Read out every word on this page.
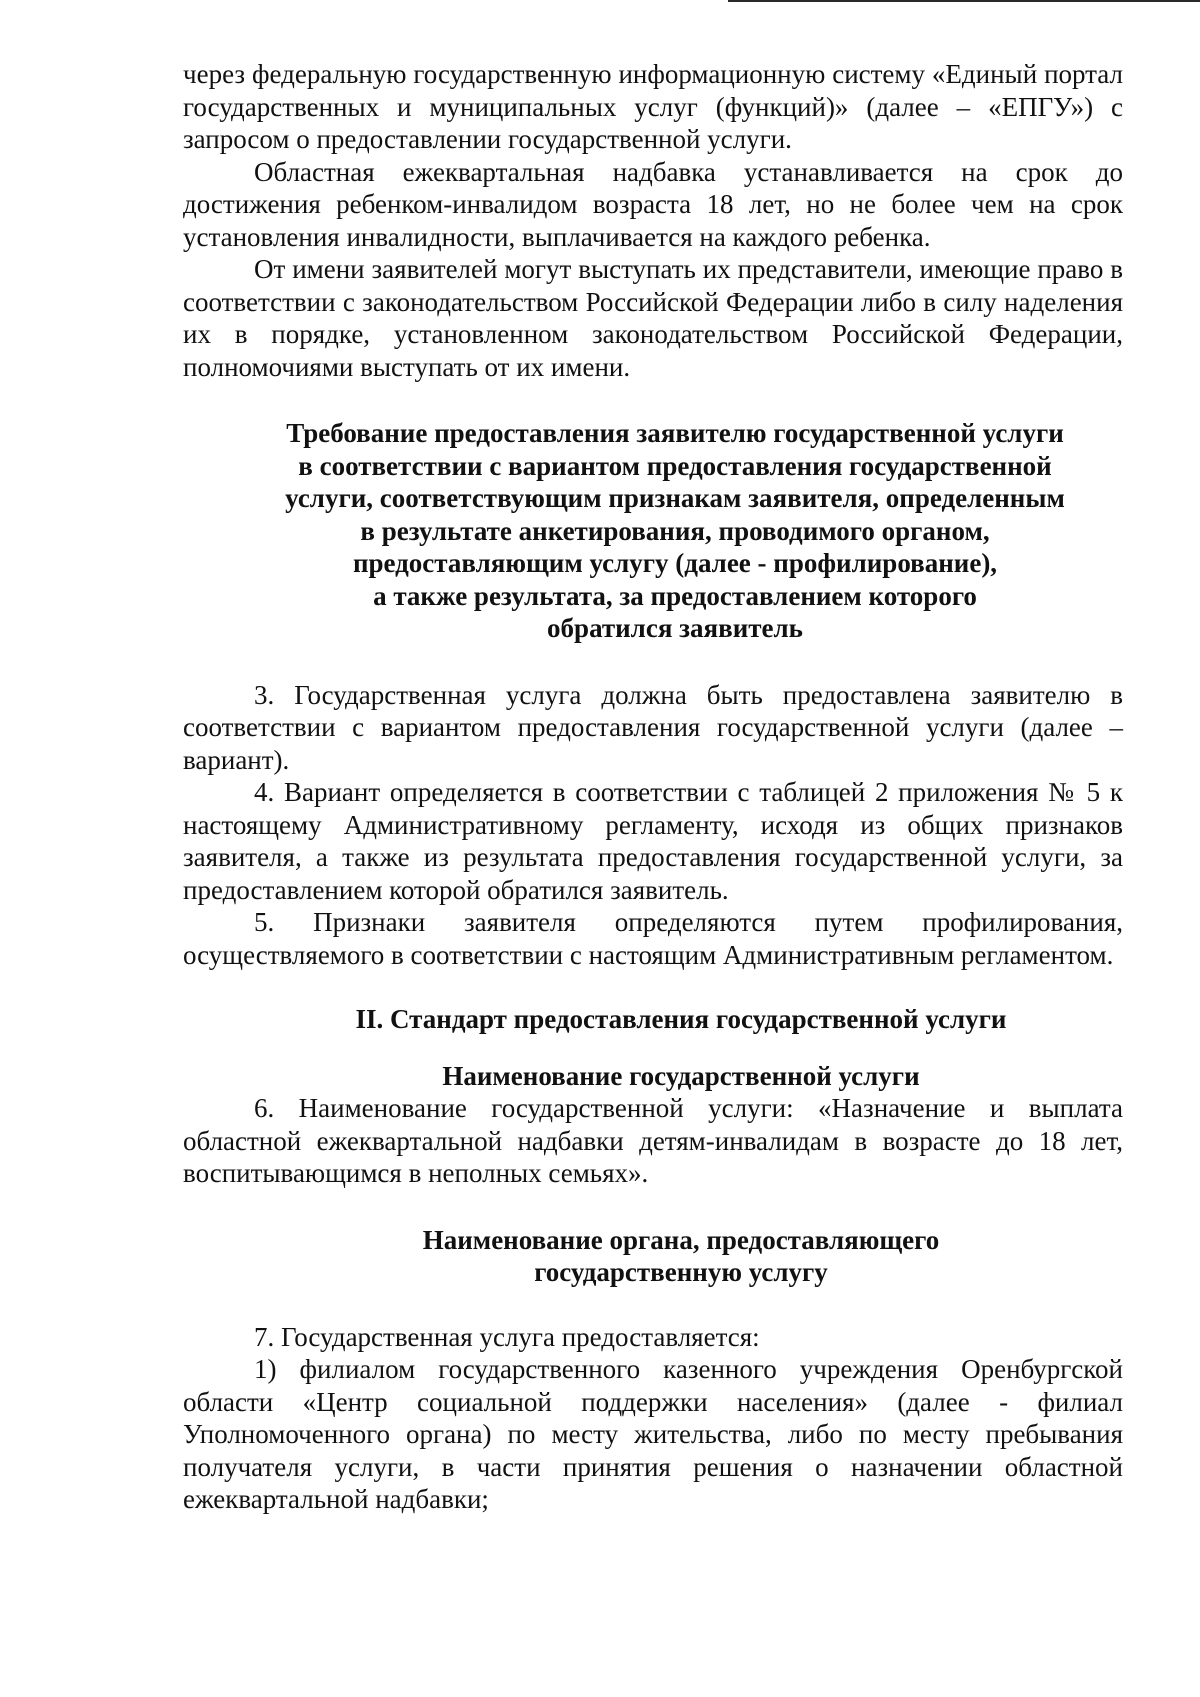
через федеральную государственную информационную систему «Единый портал государственных и муниципальных услуг (функций)» (далее – «ЕПГУ») с запросом о предоставлении государственной услуги.

Областная ежеквартальная надбавка устанавливается на срок до достижения ребенком-инвалидом возраста 18 лет, но не более чем на срок установления инвалидности, выплачивается на каждого ребенка.

От имени заявителей могут выступать их представители, имеющие право в соответствии с законодательством Российской Федерации либо в силу наделения их в порядке, установленном законодательством Российской Федерации, полномочиями выступать от их имени.

Требование предоставления заявителю государственной услуги
в соответствии с вариантом предоставления государственной
услуги, соответствующим признакам заявителя, определенным
в результате анкетирования, проводимого органом,
предоставляющим услугу (далее - профилирование),
а также результата, за предоставлением которого
обратился заявитель

3. Государственная услуга должна быть предоставлена заявителю в соответствии с вариантом предоставления государственной услуги (далее – вариант).

4. Вариант определяется в соответствии с таблицей 2 приложения № 5 к настоящему Административному регламенту, исходя из общих признаков заявителя, а также из результата предоставления государственной услуги, за предоставлением которой обратился заявитель.

5. Признаки заявителя определяются путем профилирования, осуществляемого в соответствии с настоящим Административным регламентом.

II. Стандарт предоставления государственной услуги
Наименование государственной услуги

6. Наименование государственной услуги: «Назначение и выплата областной ежеквартальной надбавки детям-инвалидам в возрасте до 18 лет, воспитывающимся в неполных семьях».

Наименование органа, предоставляющего
государственную услугу

7. Государственная услуга предоставляется:

1) филиалом государственного казенного учреждения Оренбургской области «Центр социальной поддержки населения» (далее - филиал Уполномоченного органа) по месту жительства, либо по месту пребывания получателя услуги, в части принятия решения о назначении областной ежеквартальной надбавки;
